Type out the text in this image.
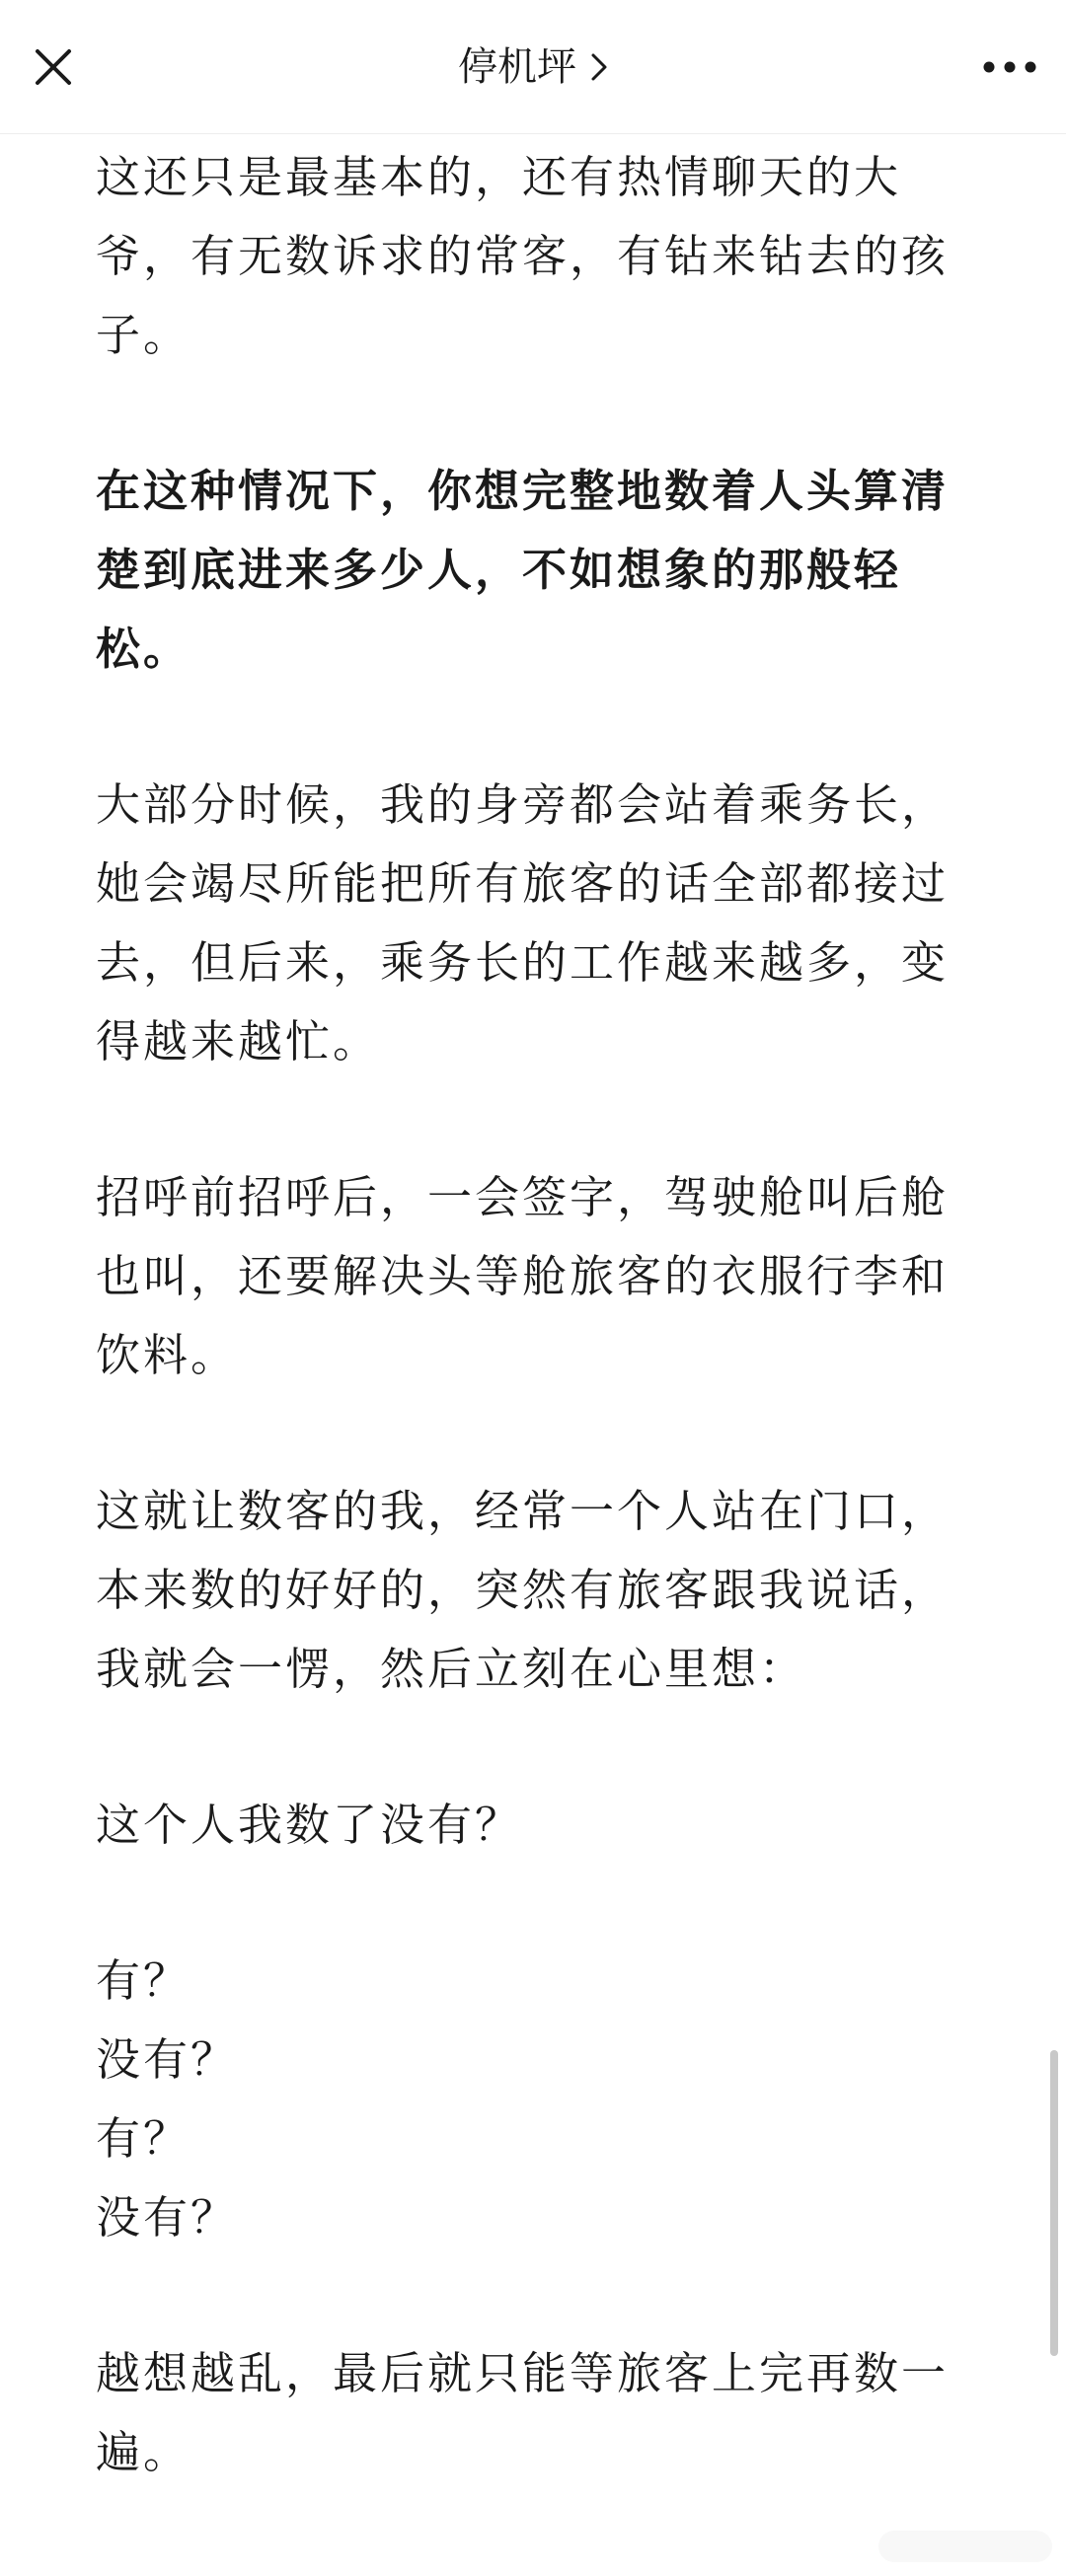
停机坪

这还只是最基本的，还有热情聊天的大
爷，有无数诉求的常客，有钻来钻去的孩
子。

在这种情况下，你想完整地数着人头算清
楚到底进来多少人，不如想象的那般轻
松。

大部分时候，我的身旁都会站着乘务长，
她会竭尽所能把所有旅客的话全部都接过
去，但后来，乘务长的工作越来越多，变
得越来越忙。

招呼前招呼后，一会签字，驾驶舱叫后舱
也叫，还要解决头等舱旅客的衣服行李和
饮料。

这就让数客的我，经常一个人站在门口，
本来数的好好的，突然有旅客跟我说话，
我就会一愣，然后立刻在心里想：

这个人我数了没有？

有？
没有？
有？
没有？

越想越乱，最后就只能等旅客上完再数一
遍。
